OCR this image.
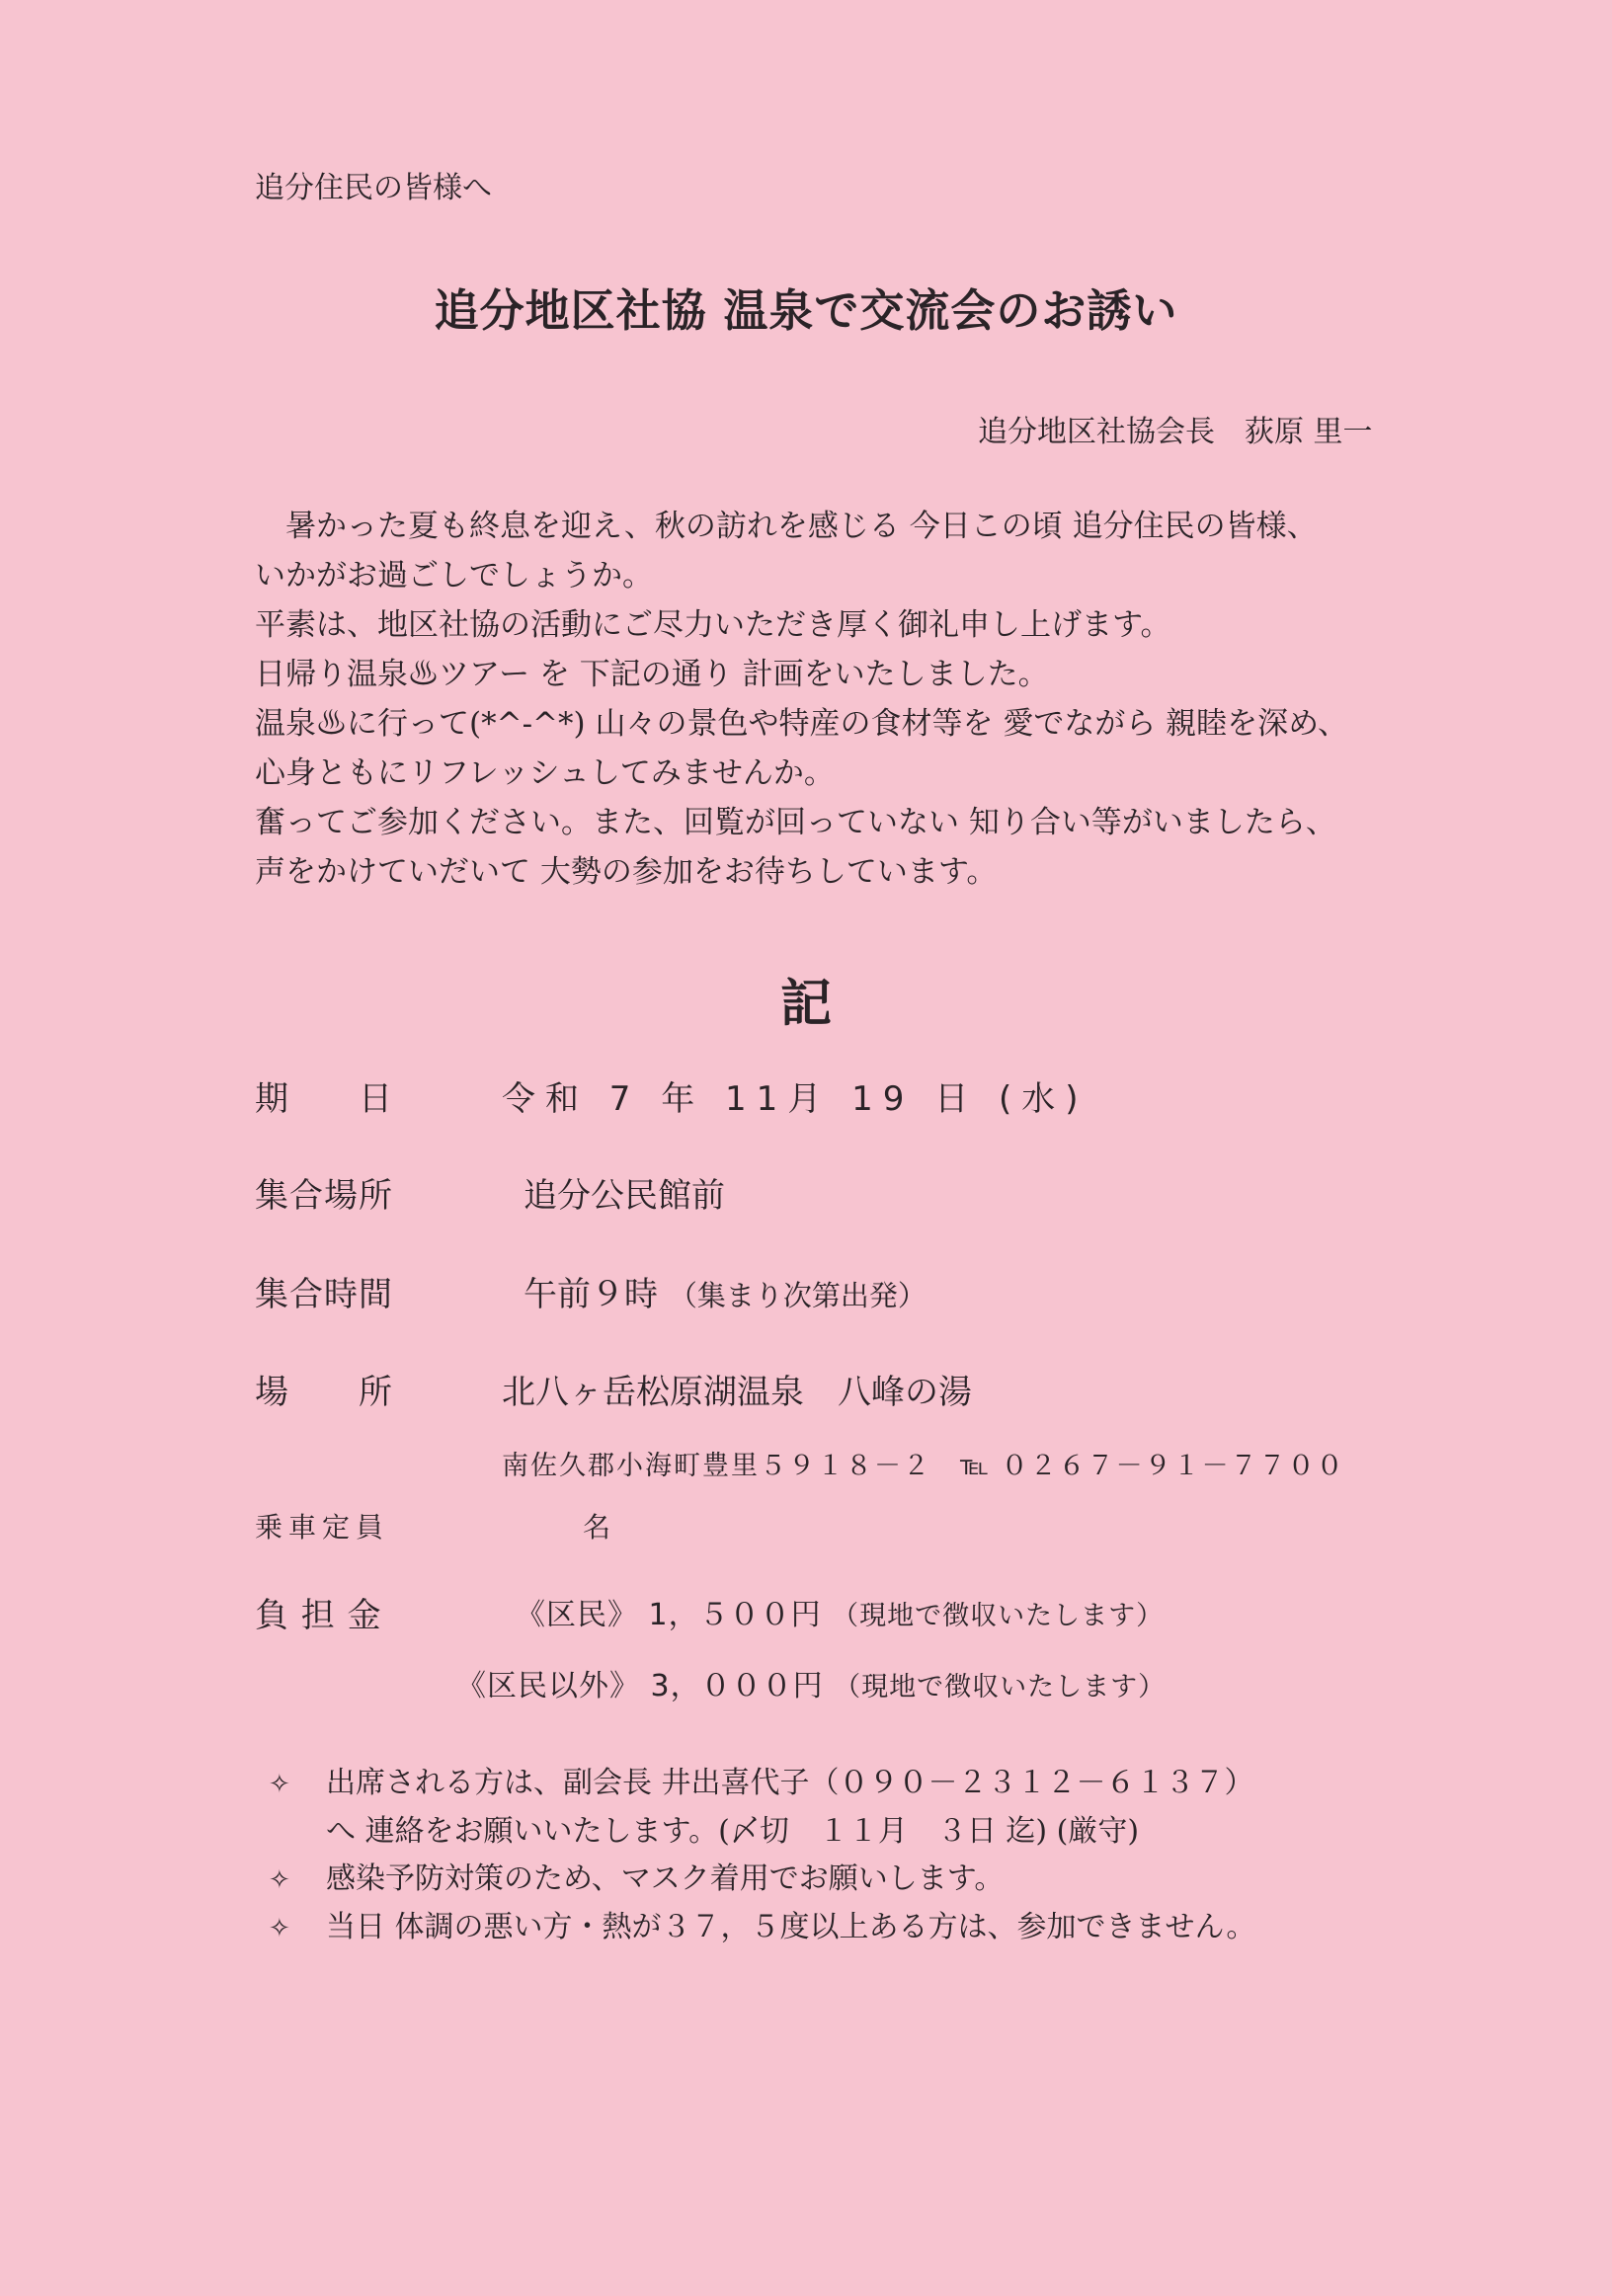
追分住民の皆様へ
追分地区社協 温泉で交流会のお誘い
追分地区社協会長　荻原 里一
　暑かった夏も終息を迎え、秋の訪れを感じる 今日この頃 追分住民の皆様、
いかがお過ごしでしょうか。
平素は、地区社協の活動にご尽力いただき厚く御礼申し上げます。
日帰り温泉♨ツアー を 下記の通り 計画をいたしました。
温泉♨に行って(*^-^*) 山々の景色や特産の食材等を 愛でながら 親睦を深め、
心身ともにリフレッシュしてみませんか。
奮ってご参加ください。また、回覧が回っていない 知り合い等がいましたら、
声をかけていだいて 大勢の参加をお待ちしています。
記
期　　日	令和 7 年 11月 19 日 (水)
集合場所	追分公民館前
集合時間	午前９時 （集まり次第出発）
場　　所	北八ヶ岳松原湖温泉　八峰の湯
南佐久郡小海町豊里５９１８－２　℡ ０２６７－９１－７７００
乗車定員	名
負 担 金	《区民》 1，５００円 （現地で徴収いたします）
《区民以外》 3，０００円 （現地で徴収いたします）
✧ 出席される方は、副会長 井出喜代子（０９０－２３１２－６１３７）
へ 連絡をお願いいたします。(〆切　１１月　３日 迄) (厳守)
✧ 感染予防対策のため、マスク着用でお願いします。
✧ 当日 体調の悪い方・熱が３７，５度以上ある方は、参加できません。
